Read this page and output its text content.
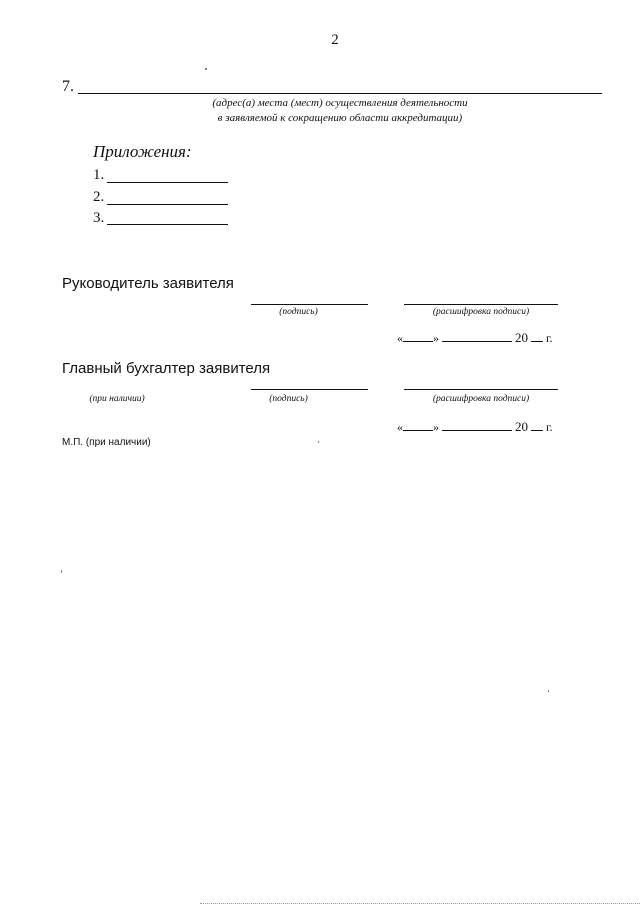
2
7.
(адрес(а) места (мест) осуществления деятельности
в заявляемой к сокращению области аккредитации)
Приложения:
1.
2.
3.
Руководитель заявителя
(подпись)	(расшифровка подписи)
«	»	20 г.
Главный бухгалтер заявителя
(при наличии)	(подпись)	(расшифровка подписи)
«	»	20 г.
М.П. (при наличии)
